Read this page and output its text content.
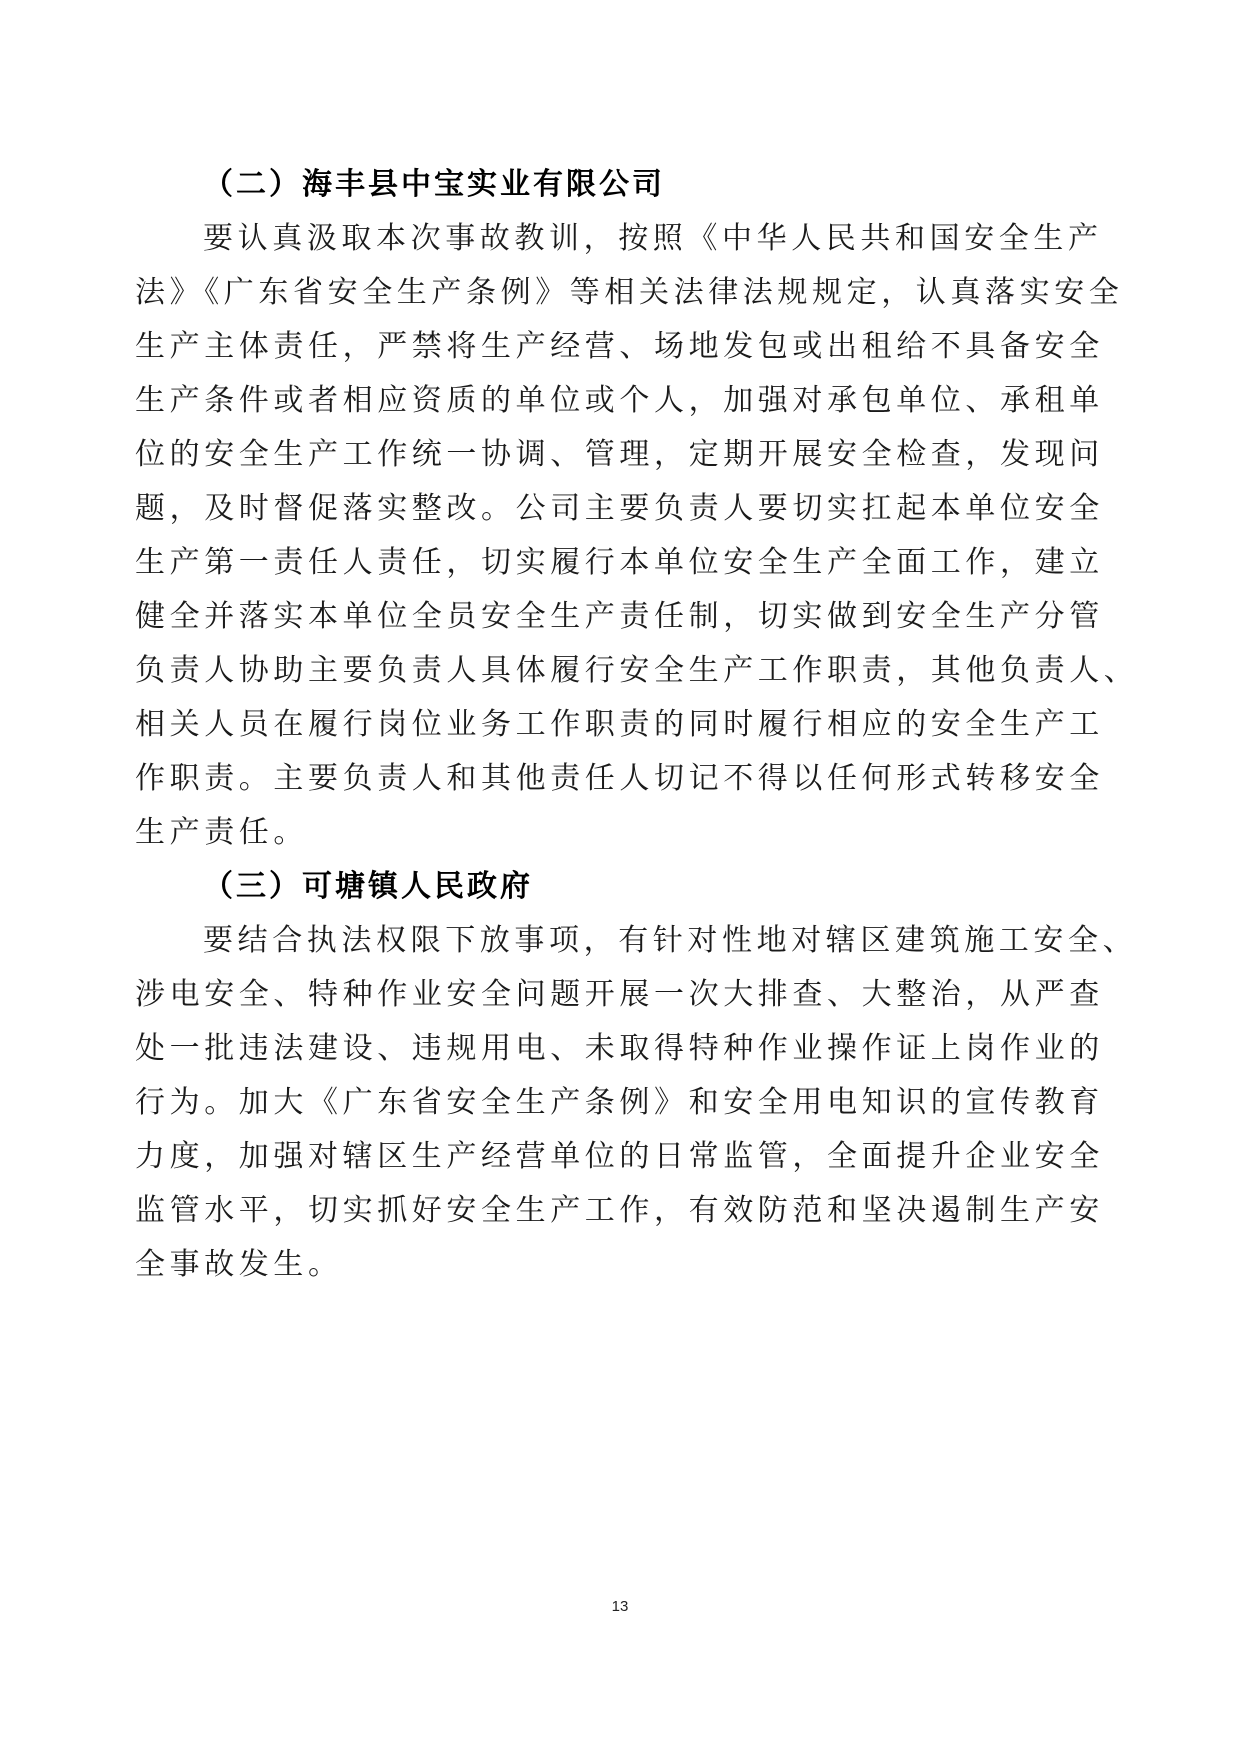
（二）海丰县中宝实业有限公司
要认真汲取本次事故教训，按照《中华人民共和国安全生产
法》《广东省安全生产条例》等相关法律法规规定，认真落实安全
生产主体责任，严禁将生产经营、场地发包或出租给不具备安全
生产条件或者相应资质的单位或个人，加强对承包单位、承租单
位的安全生产工作统一协调、管理，定期开展安全检查，发现问
题，及时督促落实整改。公司主要负责人要切实扛起本单位安全
生产第一责任人责任，切实履行本单位安全生产全面工作，建立
健全并落实本单位全员安全生产责任制，切实做到安全生产分管
负责人协助主要负责人具体履行安全生产工作职责，其他负责人、
相关人员在履行岗位业务工作职责的同时履行相应的安全生产工
作职责。主要负责人和其他责任人切记不得以任何形式转移安全
生产责任。
（三）可塘镇人民政府
要结合执法权限下放事项，有针对性地对辖区建筑施工安全、
涉电安全、特种作业安全问题开展一次大排查、大整治，从严查
处一批违法建设、违规用电、未取得特种作业操作证上岗作业的
行为。加大《广东省安全生产条例》和安全用电知识的宣传教育
力度，加强对辖区生产经营单位的日常监管，全面提升企业安全
监管水平，切实抓好安全生产工作，有效防范和坚决遏制生产安
全事故发生。
13
